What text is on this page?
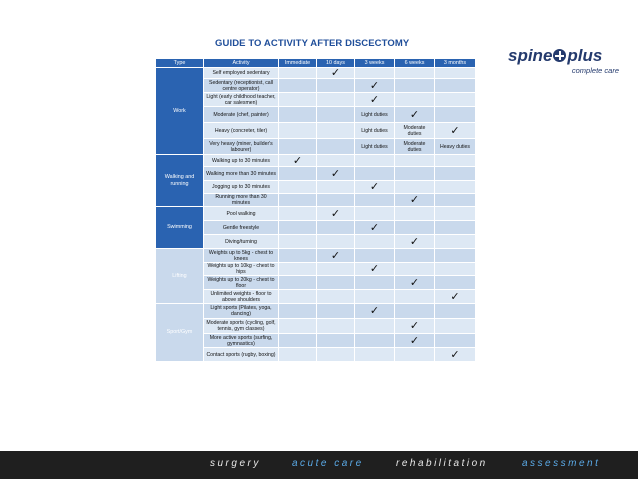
GUIDE TO ACTIVITY AFTER DISCECTOMY
spine plus
complete care
Type	Activity	Immediate	10 days	3 weeks	6 weeks	3 months
Work	Self employed sedentary		✓			
	Sedentary (receptionist, call centre operator)			✓		
	Light (early childhood teacher, car salesmen)			✓		
	Moderate (chef, painter)			Light duties	✓	
	Heavy (concreter, tiler)			Light duties	Moderate duties	✓
	Very heavy (miner, builder's labourer)			Light duties	Moderate duties	Heavy duties
Walking and running	Walking up to 30 minutes	✓				
	Walking more than 30 minutes		✓			
	Jogging up to 30 minutes			✓		
	Running more than 30 minutes				✓	
Swimming	Pool walking		✓			
	Gentle freestyle			✓		
	Diving/turning				✓	
Lifting	Weights up to 5kg - chest to knees		✓			
	Weights up to 10kg - chest to hips			✓		
	Weights up to 20kg - chest to floor				✓	
	Unlimited weights - floor to above shoulders					✓
Sport/Gym	Light sports (Pilates, yoga, dancing)			✓		
	Moderate sports (cycling, golf, tennis, gym classes)				✓	
	More active sports (surfing, gymnastics)				✓	
	Contact sports (rugby, boxing)					✓
surgery	acute care	rehabilitation	assessment
